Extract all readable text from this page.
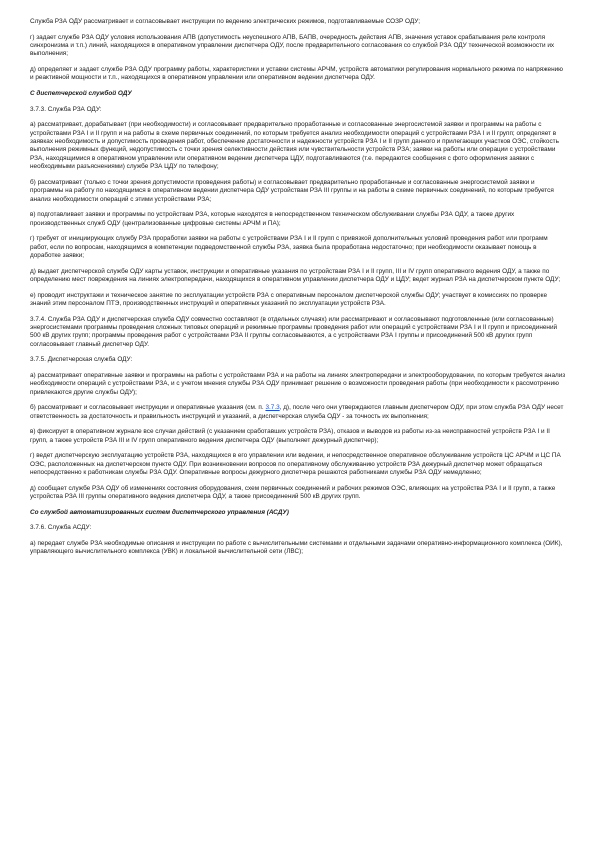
Служба РЗА ОДУ рассматривает и согласовывает инструкции по ведению электрических режимов, подготавливаемые СОЗР ОДУ;

г) задает службе РЗА ОДУ условия использования АПВ (допустимость неуспешного АПВ, БАПВ, очередность действия АПВ, значения уставок срабатывания реле контроля синхронизма и т.п.) линий, находящихся в оперативном управлении диспетчера ОДУ, после предварительного согласования со службой РЗА ОДУ технической возможности их выполнения;

д) определяет и задает службе РЗА ОДУ программу работы, характеристики и уставки системы АРЧМ, устройств автоматики регулирования нормального режима по напряжению и реактивной мощности и т.п., находящихся в оперативном управлении или оперативном ведении диспетчера ОДУ.

С диспетчерской службой ОДУ

3.7.3. Служба РЗА ОДУ:

а) рассматривает, дорабатывает (при необходимости) и согласовывает предварительно проработанные и согласованные энергосистемой заявки и программы на работы с устройствами РЗА I и II групп и на работы в схеме первичных соединений, по которым требуется анализ необходимости операций с устройствами РЗА I и II групп; определяет в заявках необходимость и допустимость проведения работ, обеспечение достаточности и надежности устройств РЗА I и II групп данного и прилегающих участков ОЭС, стойкость выполнения режимных функций, недопустимость с точки зрения селективности действия или чувствительности устройств РЗА; заявки на работы или операции с устройствами РЗА, находящимися в оперативном управлении или оперативном ведении диспетчера ЦДУ, подготавливаются (т.е. передаются сообщения с фото оформления заявки с необходимыми разъяснениями) службе РЗА ЦДУ по телефону;

б) рассматривает (только с точки зрения допустимости проведения работы) и согласовывает предварительно проработанные и согласованные энергосистемой заявки и программы на работу по находящимся в оперативном ведении диспетчера ОДУ устройствам РЗА III группы и на работы в схеме первичных соединений, по которым требуется анализ необходимости операций с этими устройствами РЗА;

в) подготавливает заявки и программы по устройствам РЗА, которые находятся в непосредственном техническом обслуживании службы РЗА ОДУ, а также других производственных служб ОДУ (централизованные цифровые системы АРЧМ и ПА);

г) требует от инициирующих службу РЗА проработки заявки на работы с устройствами РЗА I и II групп с привязкой дополнительных условий проведения работ или программ работ, если по вопросам, находящимся в компетенции подведомственной службы РЗА, заявка была проработана недостаточно; при необходимости оказывает помощь в доработке заявки;

д) выдает диспетчерской службе ОДУ карты уставок, инструкции и оперативные указания по устройствам РЗА I и II групп, III и IV групп оперативного ведения ОДУ, а также по определению мест повреждения на линиях электропередачи, находящихся в оперативном управлении диспетчера ОДУ и ЦДУ; ведет журнал РЗА на диспетчерском пункте ОДУ;

е) проводит инструктажи и техническое занятие по эксплуатации устройств РЗА с оперативным персоналом диспетчерской службы ОДУ; участвует в комиссиях по проверке знаний этим персоналом ПТЭ, производственных инструкций и оперативных указаний по эксплуатации устройств РЗА.

3.7.4. Служба РЗА ОДУ и диспетчерская служба ОДУ совместно составляют (в отдельных случаях) или рассматривают и согласовывают подготовленные (или согласованные) энергосистемами программы проведения сложных типовых операций и режимные программы проведения работ или операций с устройствами РЗА I и II групп и присоединений 500 кВ других групп; программы проведения работ с устройствами РЗА II группы согласовываются, а с устройствами РЗА I группы и присоединений 500 кВ других групп согласовывает главный диспетчер ОДУ.

3.7.5. Диспетчерская служба ОДУ:

а) рассматривает оперативные заявки и программы на работы с устройствами РЗА и на работы на линиях электропередачи и электрооборудовании, по которым требуется анализ необходимости операций с устройствами РЗА, и с учетом мнения службы РЗА ОДУ принимает решение о возможности проведения работы (при необходимости к рассмотрению привлекаются другие службы ОДУ);

б) рассматривает и согласовывает инструкции и оперативные указания (см. п. 3.7.3, д), после чего они утверждаются главным диспетчером ОДУ, при этом служба РЗА ОДУ несет ответственность за достаточность и правильность инструкций и указаний, а диспетчерская служба ОДУ - за точность их выполнения;

в) фиксирует в оперативном журнале все случаи действий (с указанием сработавших устройств РЗА), отказов и выводов из работы из-за неисправностей устройств РЗА I и II групп, а также устройств РЗА III и IV групп оперативного ведения диспетчера ОДУ (выполняет дежурный диспетчер);

г) ведет диспетчерскую эксплуатацию устройств РЗА, находящихся в его управлении или ведении, и непосредственное оперативное обслуживание устройств ЦС АРЧМ и ЦС ПА ОЭС, расположенных на диспетчерском пункте ОДУ. При возникновении вопросов по оперативному обслуживанию устройств РЗА дежурный диспетчер может обращаться непосредственно к работникам службы РЗА ОДУ. Оперативные вопросы дежурного диспетчера решаются работниками службы РЗА ОДУ немедленно;

д) сообщает службе РЗА ОДУ об изменениях состояния оборудования, схем первичных соединений и рабочих режимов ОЭС, влияющих на устройства РЗА I и II групп, а также устройства РЗА III группы оперативного ведения диспетчера ОДУ, а также присоединений 500 кВ других групп.

Со службой автоматизированных систем диспетчерского управления (АСДУ)

3.7.6. Служба АСДУ:

а) передает службе РЗА необходимые описания и инструкции по работе с вычислительными системами и отдельными задачами оперативно-информационного комплекса (ОИК), управляющего вычислительного комплекса (УВК) и локальной вычислительной сети (ЛВС);
